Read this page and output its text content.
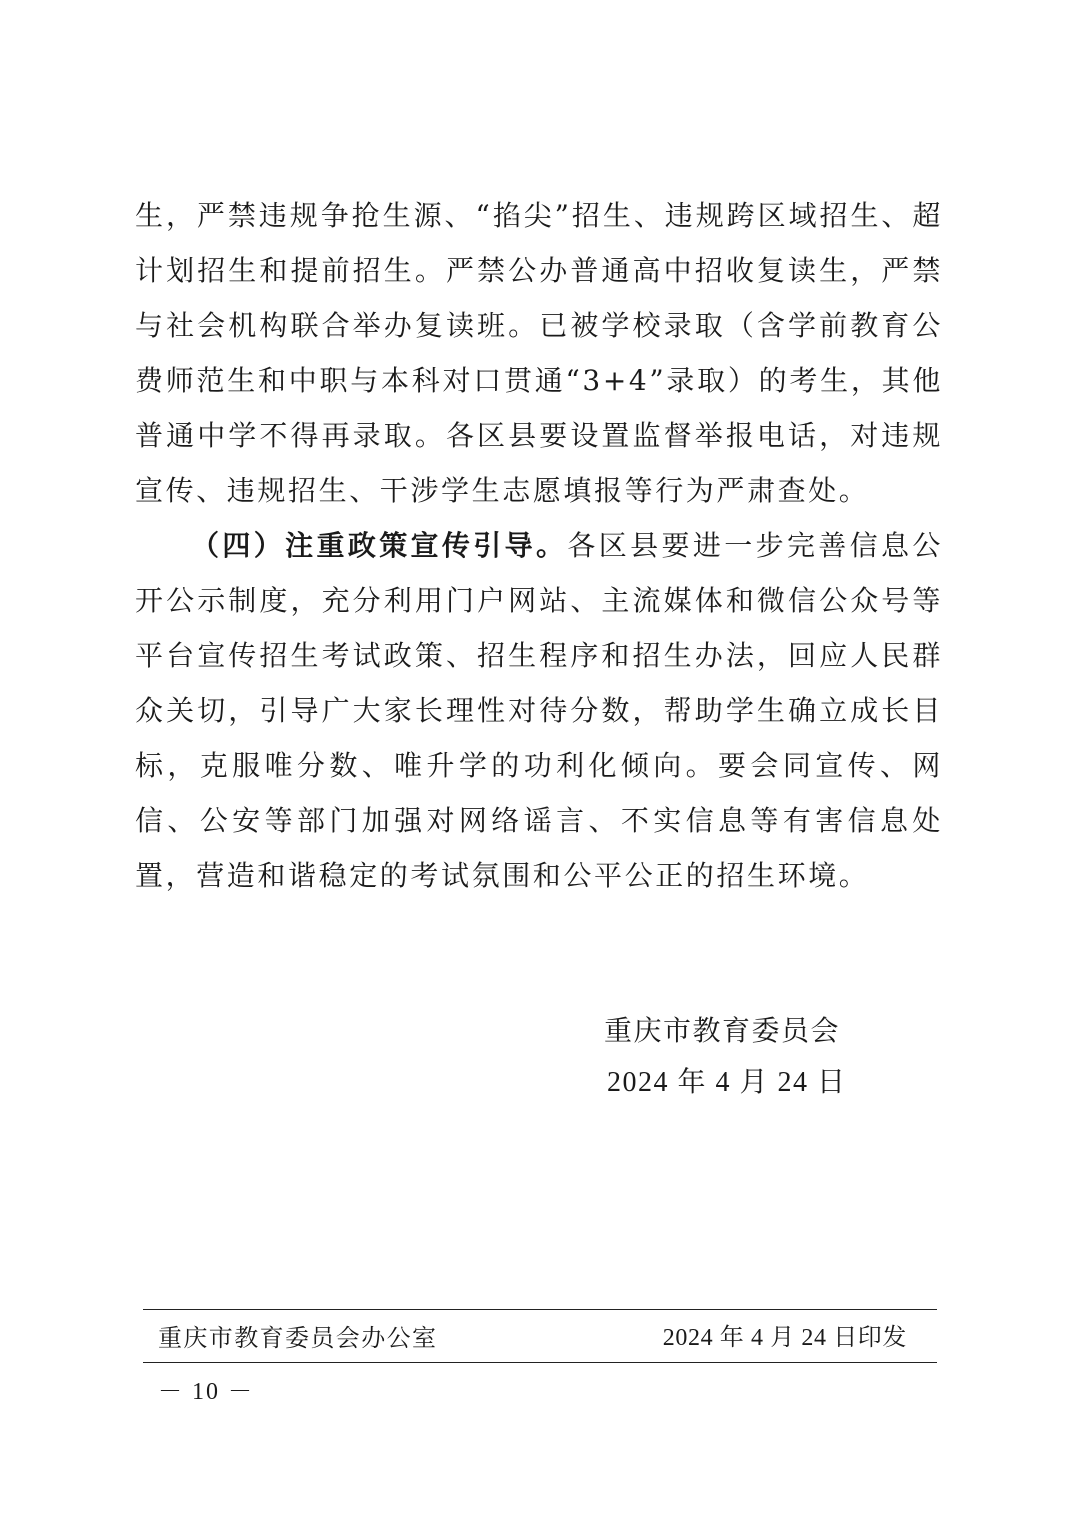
生，严禁违规争抢生源、“掐尖”招生、违规跨区域招生、超计划招生和提前招生。严禁公办普通高中招收复读生，严禁与社会机构联合举办复读班。已被学校录取（含学前教育公费师范生和中职与本科对口贯通“3+4”录取）的考生，其他普通中学不得再录取。各区县要设置监督举报电话，对违规宣传、违规招生、干涉学生志愿填报等行为严肃查处。

（四）注重政策宣传引导。各区县要进一步完善信息公开公示制度，充分利用门户网站、主流媒体和微信公众号等平台宣传招生考试政策、招生程序和招生办法，回应人民群众关切，引导广大家长理性对待分数，帮助学生确立成长目标，克服唯分数、唯升学的功利化倾向。要会同宣传、网信、公安等部门加强对网络谣言、不实信息等有害信息处置，营造和谐稳定的考试氛围和公平公正的招生环境。

重庆市教育委员会
2024 年 4 月 24 日
重庆市教育委员会办公室	2024 年 4 月 24 日印发
－ 10 －
